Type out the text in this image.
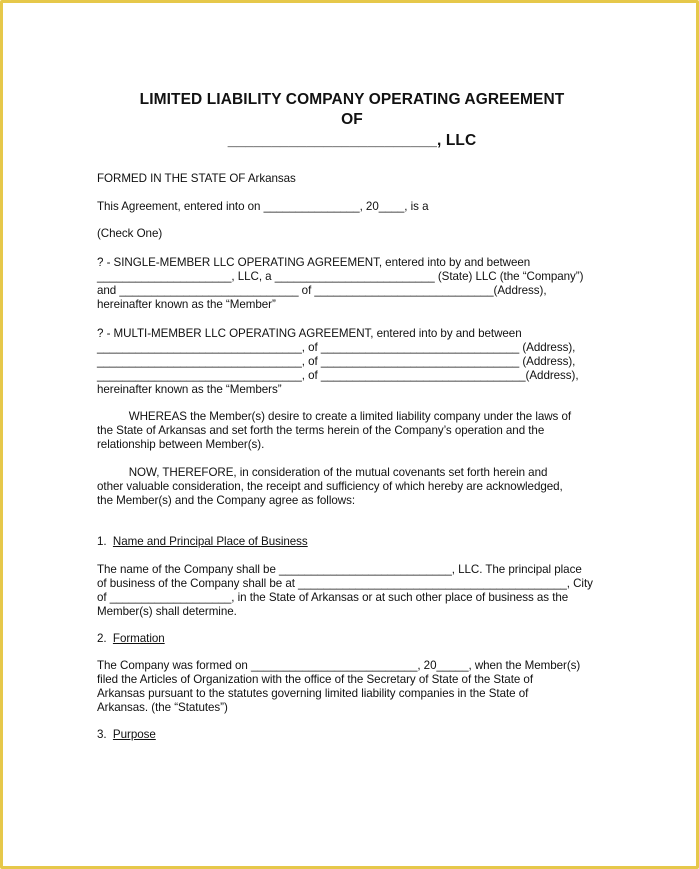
LIMITED LIABILITY COMPANY OPERATING AGREEMENT
OF
________________________, LLC
FORMED IN THE STATE OF Arkansas
This Agreement, entered into on _______________, 20____, is a
(Check One)
? - SINGLE-MEMBER LLC OPERATING AGREEMENT, entered into by and between
_____________________, LLC, a _________________________ (State) LLC (the “Company”)
and ____________________________ of ____________________________(Address),
hereinafter known as the “Member”
? - MULTI-MEMBER LLC OPERATING AGREEMENT, entered into by and between
________________________________, of _______________________________ (Address),
________________________________, of _______________________________ (Address),
________________________________, of ________________________________(Address),
hereinafter known as the “Members”
WHEREAS the Member(s) desire to create a limited liability company under the laws of
the State of Arkansas and set forth the terms herein of the Company’s operation and the
relationship between Member(s).
NOW, THEREFORE, in consideration of the mutual covenants set forth herein and
other valuable consideration, the receipt and sufficiency of which hereby are acknowledged,
the Member(s) and the Company agree as follows:
1. Name and Principal Place of Business
The name of the Company shall be ___________________________, LLC. The principal place
of business of the Company shall be at __________________________________________, City
of ___________________, in the State of Arkansas or at such other place of business as the
Member(s) shall determine.
2. Formation
The Company was formed on __________________________, 20_____, when the Member(s)
filed the Articles of Organization with the office of the Secretary of State of the State of
Arkansas pursuant to the statutes governing limited liability companies in the State of
Arkansas. (the “Statutes”)
3. Purpose
